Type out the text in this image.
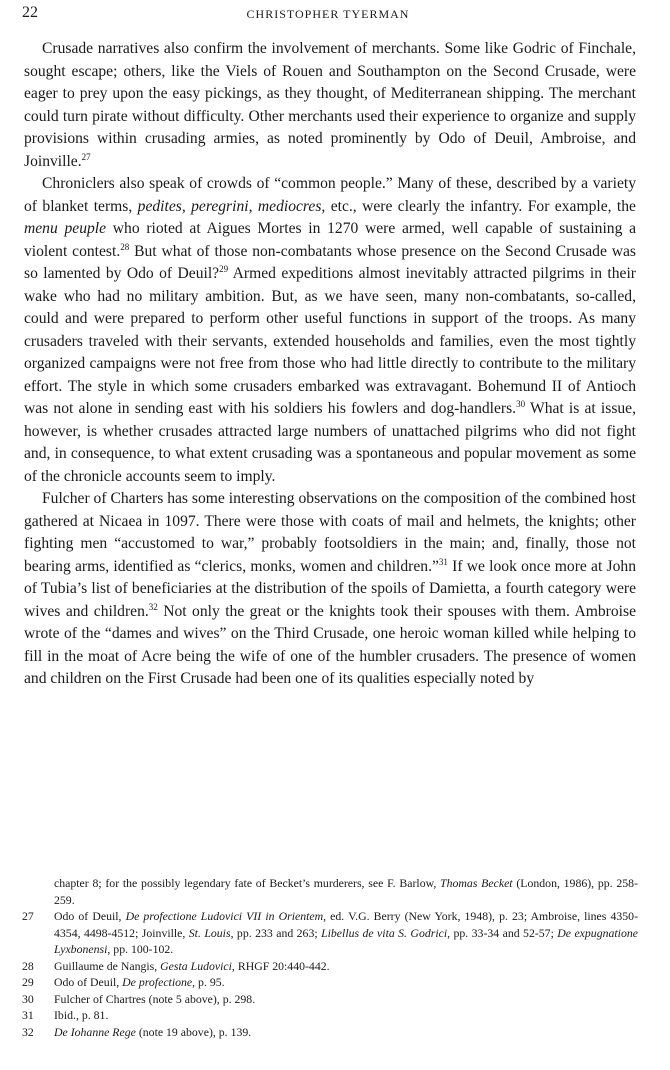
22	CHRISTOPHER TYERMAN

Crusade narratives also confirm the involvement of merchants. Some like Godric of Finchale, sought escape; others, like the Viels of Rouen and Southampton on the Second Crusade, were eager to prey upon the easy pickings, as they thought, of Mediterranean shipping. The merchant could turn pirate without difficulty. Other merchants used their experience to organize and supply provisions within crusading armies, as noted prominently by Odo of Deuil, Ambroise, and Joinville.$^{27}$

Chroniclers also speak of crowds of “common people.” Many of these, described by a variety of blanket terms, pedites, peregrini, mediocres, etc., were clearly the infantry. For example, the menu peuple who rioted at Aigues Mortes in 1270 were armed, well capable of sustaining a violent contest.$^{28}$ But what of those non-combatants whose presence on the Second Crusade was so lamented by Odo of Deuil?$^{29}$ Armed expeditions almost inevitably attracted pilgrims in their wake who had no military ambition. But, as we have seen, many non-combatants, so-called, could and were prepared to perform other useful functions in support of the troops. As many crusaders traveled with their servants, extended households and families, even the most tightly organized campaigns were not free from those who had little directly to contribute to the military effort. The style in which some crusaders embarked was extravagant. Bohemund II of Antioch was not alone in sending east with his soldiers his fowlers and dog-handlers.$^{30}$ What is at issue, however, is whether crusades attracted large numbers of unattached pilgrims who did not fight and, in consequence, to what extent crusading was a spontaneous and popular movement as some of the chronicle accounts seem to imply.

Fulcher of Charters has some interesting observations on the composition of the combined host gathered at Nicaea in 1097. There were those with coats of mail and helmets, the knights; other fighting men “accustomed to war,” probably footsoldiers in the main; and, finally, those not bearing arms, identified as “clerics, monks, women and children.”$^{31}$ If we look once more at John of Tubia’s list of beneficiaries at the distribution of the spoils of Damietta, a fourth category were wives and children.$^{32}$ Not only the great or the knights took their spouses with them. Ambroise wrote of the “dames and wives” on the Third Crusade, one heroic woman killed while helping to fill in the moat of Acre being the wife of one of the humbler crusaders. The presence of women and children on the First Crusade had been one of its qualities especially noted by

chapter 8; for the possibly legendary fate of Becket’s murderers, see F. Barlow, Thomas Becket (London, 1986), pp. 258-259.
27 Odo of Deuil, De profectione Ludovici VII in Orientem, ed. V.G. Berry (New York, 1948), p. 23; Ambroise, lines 4350-4354, 4498-4512; Joinville, St. Louis, pp. 233 and 263; Libellus de vita S. Godrici, pp. 33-34 and 52-57; De expugnatione Lyxbonensi, pp. 100-102.
28 Guillaume de Nangis, Gesta Ludovici, RHGF 20:440-442.
29 Odo of Deuil, De profectione, p. 95.
30 Fulcher of Chartres (note 5 above), p. 298.
31 Ibid., p. 81.
32 De Iohanne Rege (note 19 above), p. 139.
